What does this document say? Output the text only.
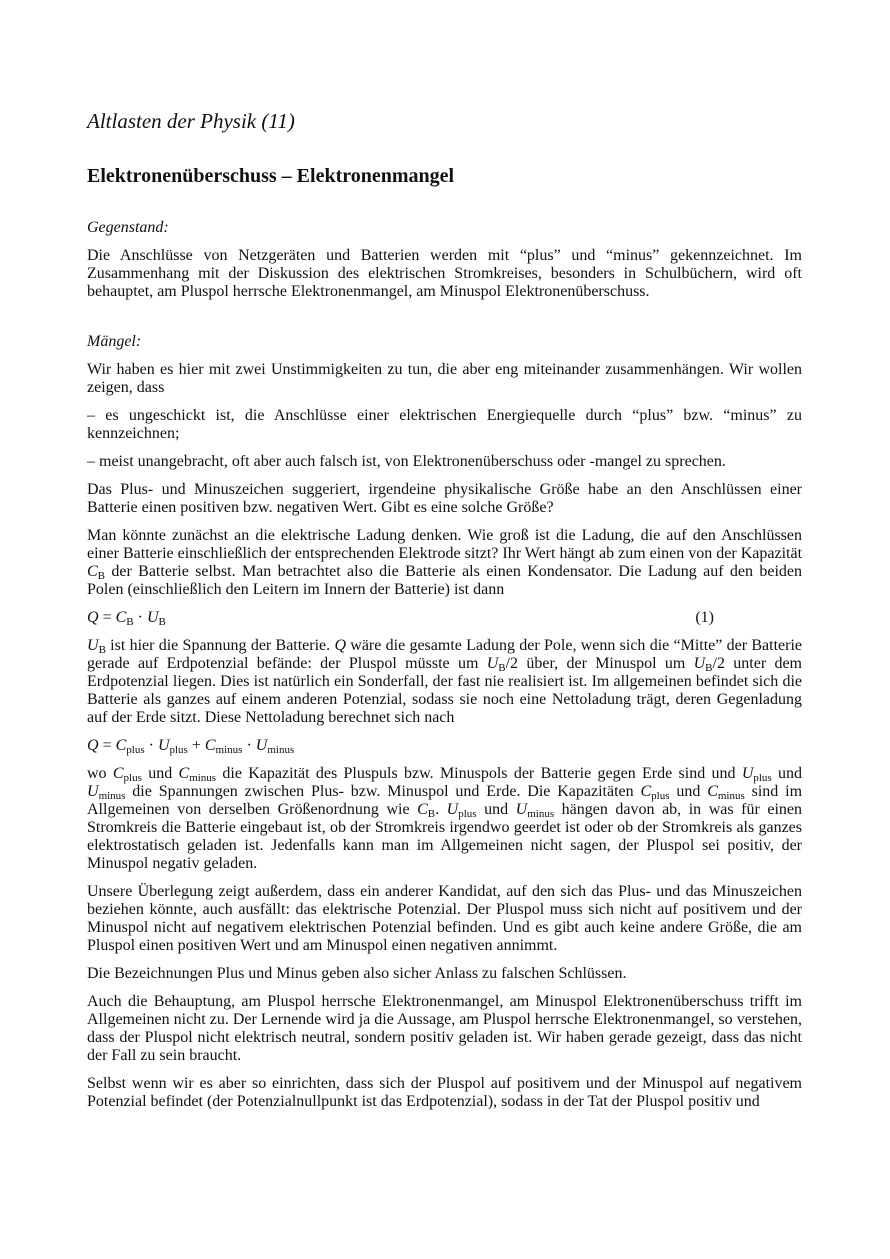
Altlasten der Physik (11)
Elektronenüberschuss – Elektronenmangel
Gegenstand:

Die Anschlüsse von Netzgeräten und Batterien werden mit “plus” und “minus” gekennzeichnet. Im Zusammenhang mit der Diskussion des elektrischen Stromkreises, besonders in Schulbüchern, wird oft behauptet, am Pluspol herrsche Elektronenmangel, am Minuspol Elektronenüberschuss.

Mängel:

Wir haben es hier mit zwei Unstimmigkeiten zu tun, die aber eng miteinander zusammenhängen. Wir wollen zeigen, dass

– es ungeschickt ist, die Anschlüsse einer elektrischen Energiequelle durch “plus” bzw. “minus” zu kennzeichnen;

– meist unangebracht, oft aber auch falsch ist, von Elektronenüberschuss oder -mangel zu sprechen.

Das Plus- und Minuszeichen suggeriert, irgendeine physikalische Größe habe an den Anschlüssen einer Batterie einen positiven bzw. negativen Wert. Gibt es eine solche Größe?

Man könnte zunächst an die elektrische Ladung denken. Wie groß ist die Ladung, die auf den Anschlüssen einer Batterie einschließlich der entsprechenden Elektrode sitzt? Ihr Wert hängt ab zum einen von der Kapazität $C_B$ der Batterie selbst. Man betrachtet also die Batterie als einen Kondensator. Die Ladung auf den beiden Polen (einschließlich den Leitern im Innern der Batterie) ist dann

$Q = C_B \cdot U_B$	(1)

$U_B$ ist hier die Spannung der Batterie. Q wäre die gesamte Ladung der Pole, wenn sich die “Mitte” der Batterie gerade auf Erdpotenzial befände: der Pluspol müsste um $U_B/2$ über, der Minuspol um $U_B/2$ unter dem Erdpotenzial liegen. Dies ist natürlich ein Sonderfall, der fast nie realisiert ist. Im allgemeinen befindet sich die Batterie als ganzes auf einem anderen Potenzial, sodass sie noch eine Nettoladung trägt, deren Gegenladung auf der Erde sitzt. Diese Nettoladung berechnet sich nach

$Q = C_{plus} \cdot U_{plus} + C_{minus} \cdot U_{minus}$

wo $C_{plus}$ und $C_{minus}$ die Kapazität des Pluspuls bzw. Minuspols der Batterie gegen Erde sind und $U_{plus}$ und $U_{minus}$ die Spannungen zwischen Plus- bzw. Minuspol und Erde. Die Kapazitäten $C_{plus}$ und $C_{minus}$ sind im Allgemeinen von derselben Größenordnung wie $C_B$. $U_{plus}$ und $U_{minus}$ hängen davon ab, in was für einen Stromkreis die Batterie eingebaut ist, ob der Stromkreis irgendwo geerdet ist oder ob der Stromkreis als ganzes elektrostatisch geladen ist. Jedenfalls kann man im Allgemeinen nicht sagen, der Pluspol sei positiv, der Minuspol negativ geladen.

Unsere Überlegung zeigt außerdem, dass ein anderer Kandidat, auf den sich das Plus- und das Minuszeichen beziehen könnte, auch ausfällt: das elektrische Potenzial. Der Pluspol muss sich nicht auf positivem und der Minuspol nicht auf negativem elektrischen Potenzial befinden. Und es gibt auch keine andere Größe, die am Pluspol einen positiven Wert und am Minuspol einen negativen annimmt.

Die Bezeichnungen Plus und Minus geben also sicher Anlass zu falschen Schlüssen.

Auch die Behauptung, am Pluspol herrsche Elektronenmangel, am Minuspol Elektronenüberschuss trifft im Allgemeinen nicht zu. Der Lernende wird ja die Aussage, am Pluspol herrsche Elektronenmangel, so verstehen, dass der Pluspol nicht elektrisch neutral, sondern positiv geladen ist. Wir haben gerade gezeigt, dass das nicht der Fall zu sein braucht.

Selbst wenn wir es aber so einrichten, dass sich der Pluspol auf positivem und der Minuspol auf negativem Potenzial befindet (der Potenzialnullpunkt ist das Erdpotenzial), sodass in der Tat der Pluspol positiv und
